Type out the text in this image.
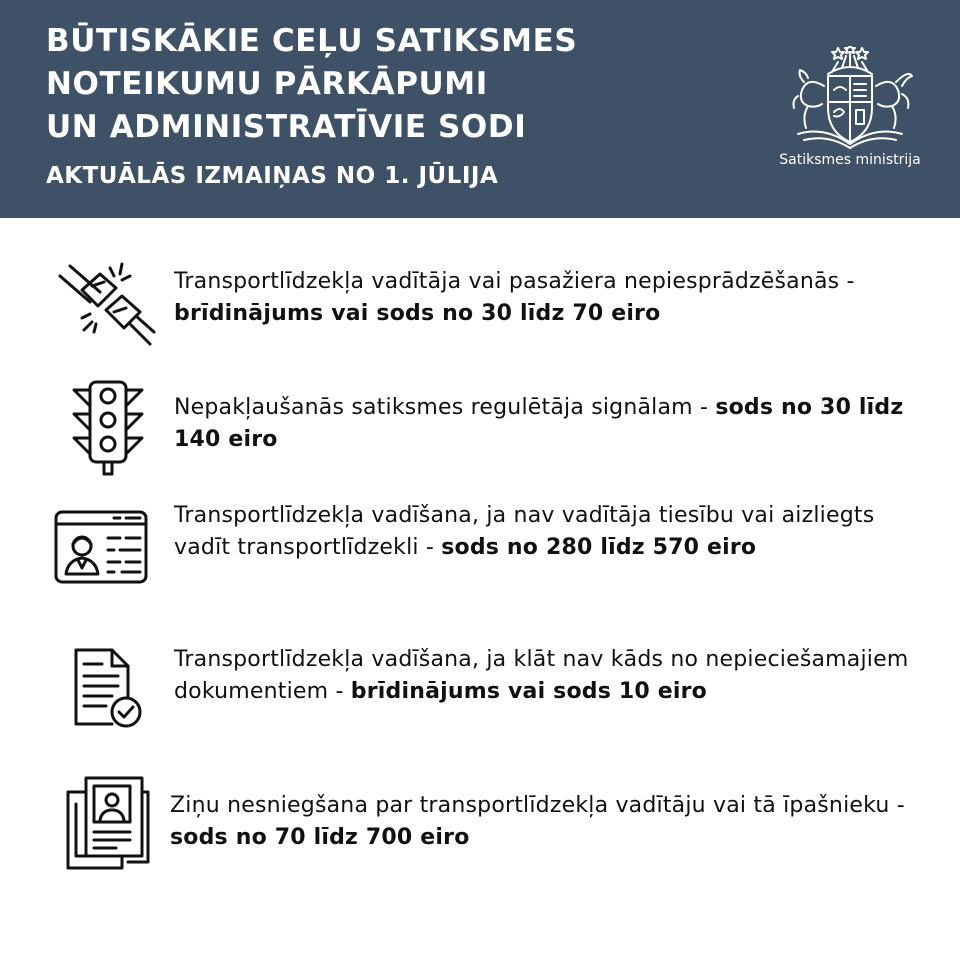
BŪTISKĀKIE CEĻU SATIKSMES
NOTEIKUMU PĀRKĀPUMI
UN ADMINISTRATĪVIE SODI
AKTUĀLĀS IZMAIŅAS NO 1. JŪLIJA
Satiksmes ministrija

Transportlīdzekļa vadītāja vai pasažiera nepiesprādzēšanās - brīdinājums vai sods no 30 līdz 70 eiro

Nepakļaušanās satiksmes regulētāja signālam - sods no 30 līdz 140 eiro

Transportlīdzekļa vadīšana, ja nav vadītāja tiesību vai aizliegts vadīt transportlīdzekli - sods no 280 līdz 570 eiro

Transportlīdzekļa vadīšana, ja klāt nav kāds no nepieciešamajiem dokumentiem - brīdinājums vai sods 10 eiro

Ziņu nesniegšana par transportlīdzekļa vadītāju vai tā īpašnieku - sods no 70 līdz 700 eiro
